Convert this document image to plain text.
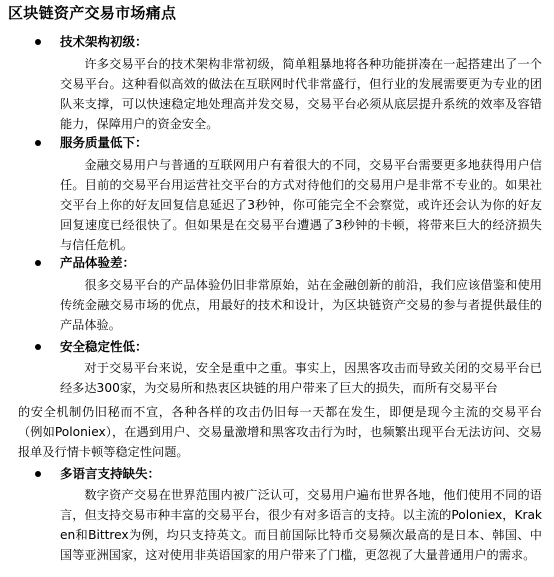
区块链资产交易市场痛点
技术架构初级：
许多交易平台的技术架构非常初级，简单粗暴地将各种功能拼凑在一起搭建出了一个交易平台。这种看似高效的做法在互联网时代非常盛行，但行业的发展需要更为专业的团队来支撑，可以快速稳定地处理高并发交易，交易平台必须从底层提升系统的效率及容错能力，保障用户的资金安全。
服务质量低下：
金融交易用户与普通的互联网用户有着很大的不同，交易平台需要更多地获得用户信任。目前的交易平台用运营社交平台的方式对待他们的交易用户是非常不专业的。如果社交平台上你的好友回复信息延迟了3秒钟，你可能完全不会察觉，或许还会认为你的好友回复速度已经很快了。但如果是在交易平台遭遇了3秒钟的卡顿，将带来巨大的经济损失与信任危机。
产品体验差：
很多交易平台的产品体验仍旧非常原始，站在金融创新的前沿，我们应该借鉴和使用传统金融交易市场的优点，用最好的技术和设计，为区块链资产交易的参与者提供最佳的产品体验。
安全稳定性低：
对于交易平台来说，安全是重中之重。事实上，因黑客攻击而导致关闭的交易平台已经多达300家，为交易所和热衷区块链的用户带来了巨大的损失，而所有交易平台
的安全机制仍旧秘而不宣，各种各样的攻击仍旧每一天都在发生，即便是现今主流的交易平台（例如Poloniex），在遇到用户、交易量激增和黑客攻击行为时，也频繁出现平台无法访问、交易报单及行情卡顿等稳定性问题。
多语言支持缺失：
数字资产交易在世界范围内被广泛认可，交易用户遍布世界各地，他们使用不同的语言，但支持交易市种丰富的交易平台，很少有对多语言的支持。以主流的Poloniex，Kraken和Bittrex为例，均只支持英文。而目前国际比特币交易频次最高的是日本、韩国、中国等亚洲国家，这对使用非英语国家的用户带来了门槛，更忽视了大量普通用户的需求。
